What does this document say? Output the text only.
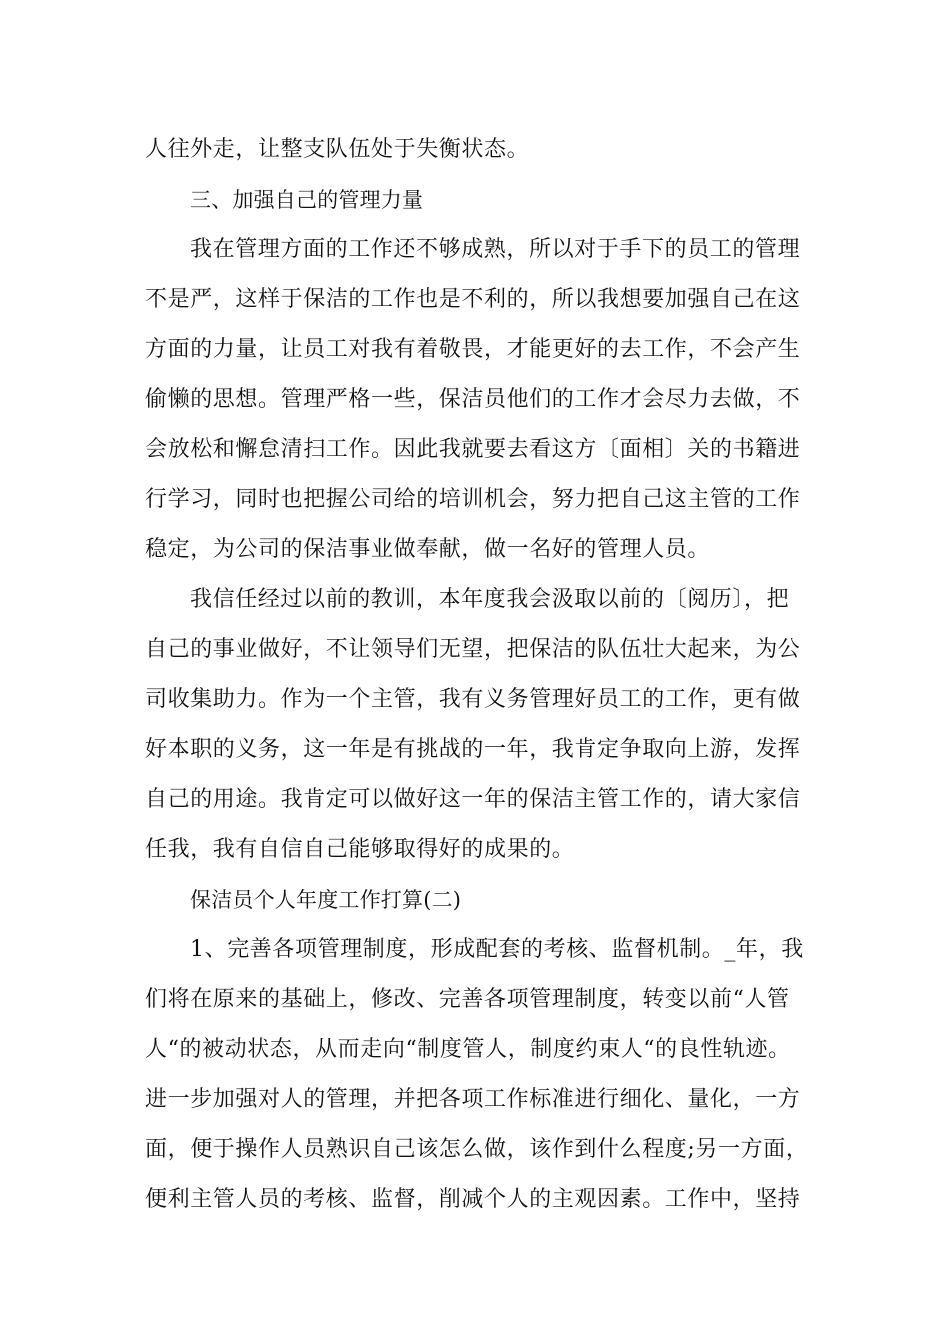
人往外走，让整支队伍处于失衡状态。
三、加强自己的管理力量
我在管理方面的工作还不够成熟，所以对于手下的员工的管理
不是严，这样于保洁的工作也是不利的，所以我想要加强自己在这
方面的力量，让员工对我有着敬畏，才能更好的去工作，不会产生
偷懒的思想。管理严格一些，保洁员他们的工作才会尽力去做，不
会放松和懈怠清扫工作。因此我就要去看这方〔面相〕关的书籍进
行学习，同时也把握公司给的培训机会，努力把自己这主管的工作
稳定，为公司的保洁事业做奉献，做一名好的管理人员。
我信任经过以前的教训，本年度我会汲取以前的〔阅历〕，把
自己的事业做好，不让领导们无望，把保洁的队伍壮大起来，为公
司收集助力。作为一个主管，我有义务管理好员工的工作，更有做
好本职的义务，这一年是有挑战的一年，我肯定争取向上游，发挥
自己的用途。我肯定可以做好这一年的保洁主管工作的，请大家信
任我，我有自信自己能够取得好的成果的。
保洁员个人年度工作打算(二)
1、完善各项管理制度，形成配套的考核、监督机制。_年，我
们将在原来的基础上，修改、完善各项管理制度，转变以前“人管
人“的被动状态，从而走向“制度管人，制度约束人“的良性轨迹。
进一步加强对人的管理，并把各项工作标准进行细化、量化，一方
面，便于操作人员熟识自己该怎么做，该作到什么程度;另一方面，
便利主管人员的考核、监督，削减个人的主观因素。工作中，坚持
